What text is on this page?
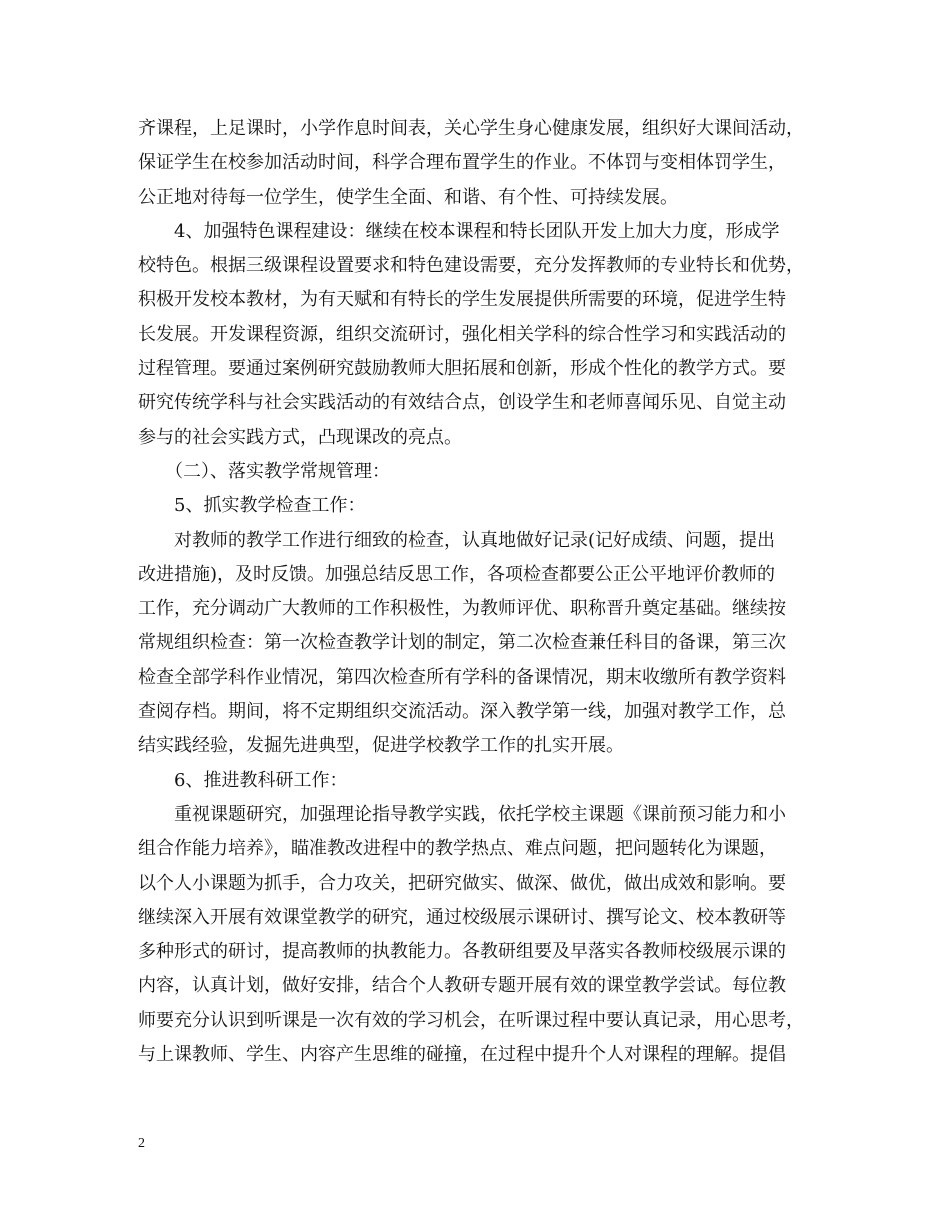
齐课程，上足课时，小学作息时间表，关心学生身心健康发展，组织好大课间活动，
保证学生在校参加活动时间，科学合理布置学生的作业。不体罚与变相体罚学生，
公正地对待每一位学生，使学生全面、和谐、有个性、可持续发展。
　　4、加强特色课程建设：继续在校本课程和特长团队开发上加大力度，形成学
校特色。根据三级课程设置要求和特色建设需要，充分发挥教师的专业特长和优势，
积极开发校本教材，为有天赋和有特长的学生发展提供所需要的环境，促进学生特
长发展。开发课程资源，组织交流研讨，强化相关学科的综合性学习和实践活动的
过程管理。要通过案例研究鼓励教师大胆拓展和创新，形成个性化的教学方式。要
研究传统学科与社会实践活动的有效结合点，创设学生和老师喜闻乐见、自觉主动
参与的社会实践方式，凸现课改的亮点。
　　（二）、落实教学常规管理：
　　5、抓实教学检查工作：
　　对教师的教学工作进行细致的检查，认真地做好记录(记好成绩、问题，提出
改进措施)，及时反馈。加强总结反思工作，各项检查都要公正公平地评价教师的
工作，充分调动广大教师的工作积极性，为教师评优、职称晋升奠定基础。继续按
常规组织检查：第一次检查教学计划的制定，第二次检查兼任科目的备课，第三次
检查全部学科作业情况，第四次检查所有学科的备课情况，期末收缴所有教学资料
查阅存档。期间，将不定期组织交流活动。深入教学第一线，加强对教学工作，总
结实践经验，发掘先进典型，促进学校教学工作的扎实开展。
　　6、推进教科研工作：
　　重视课题研究，加强理论指导教学实践，依托学校主课题《课前预习能力和小
组合作能力培养》，瞄准教改进程中的教学热点、难点问题，把问题转化为课题，
以个人小课题为抓手，合力攻关，把研究做实、做深、做优，做出成效和影响。要
继续深入开展有效课堂教学的研究，通过校级展示课研讨、撰写论文、校本教研等
多种形式的研讨，提高教师的执教能力。各教研组要及早落实各教师校级展示课的
内容，认真计划，做好安排，结合个人教研专题开展有效的课堂教学尝试。每位教
师要充分认识到听课是一次有效的学习机会，在听课过程中要认真记录，用心思考，
与上课教师、学生、内容产生思维的碰撞，在过程中提升个人对课程的理解。提倡
2
